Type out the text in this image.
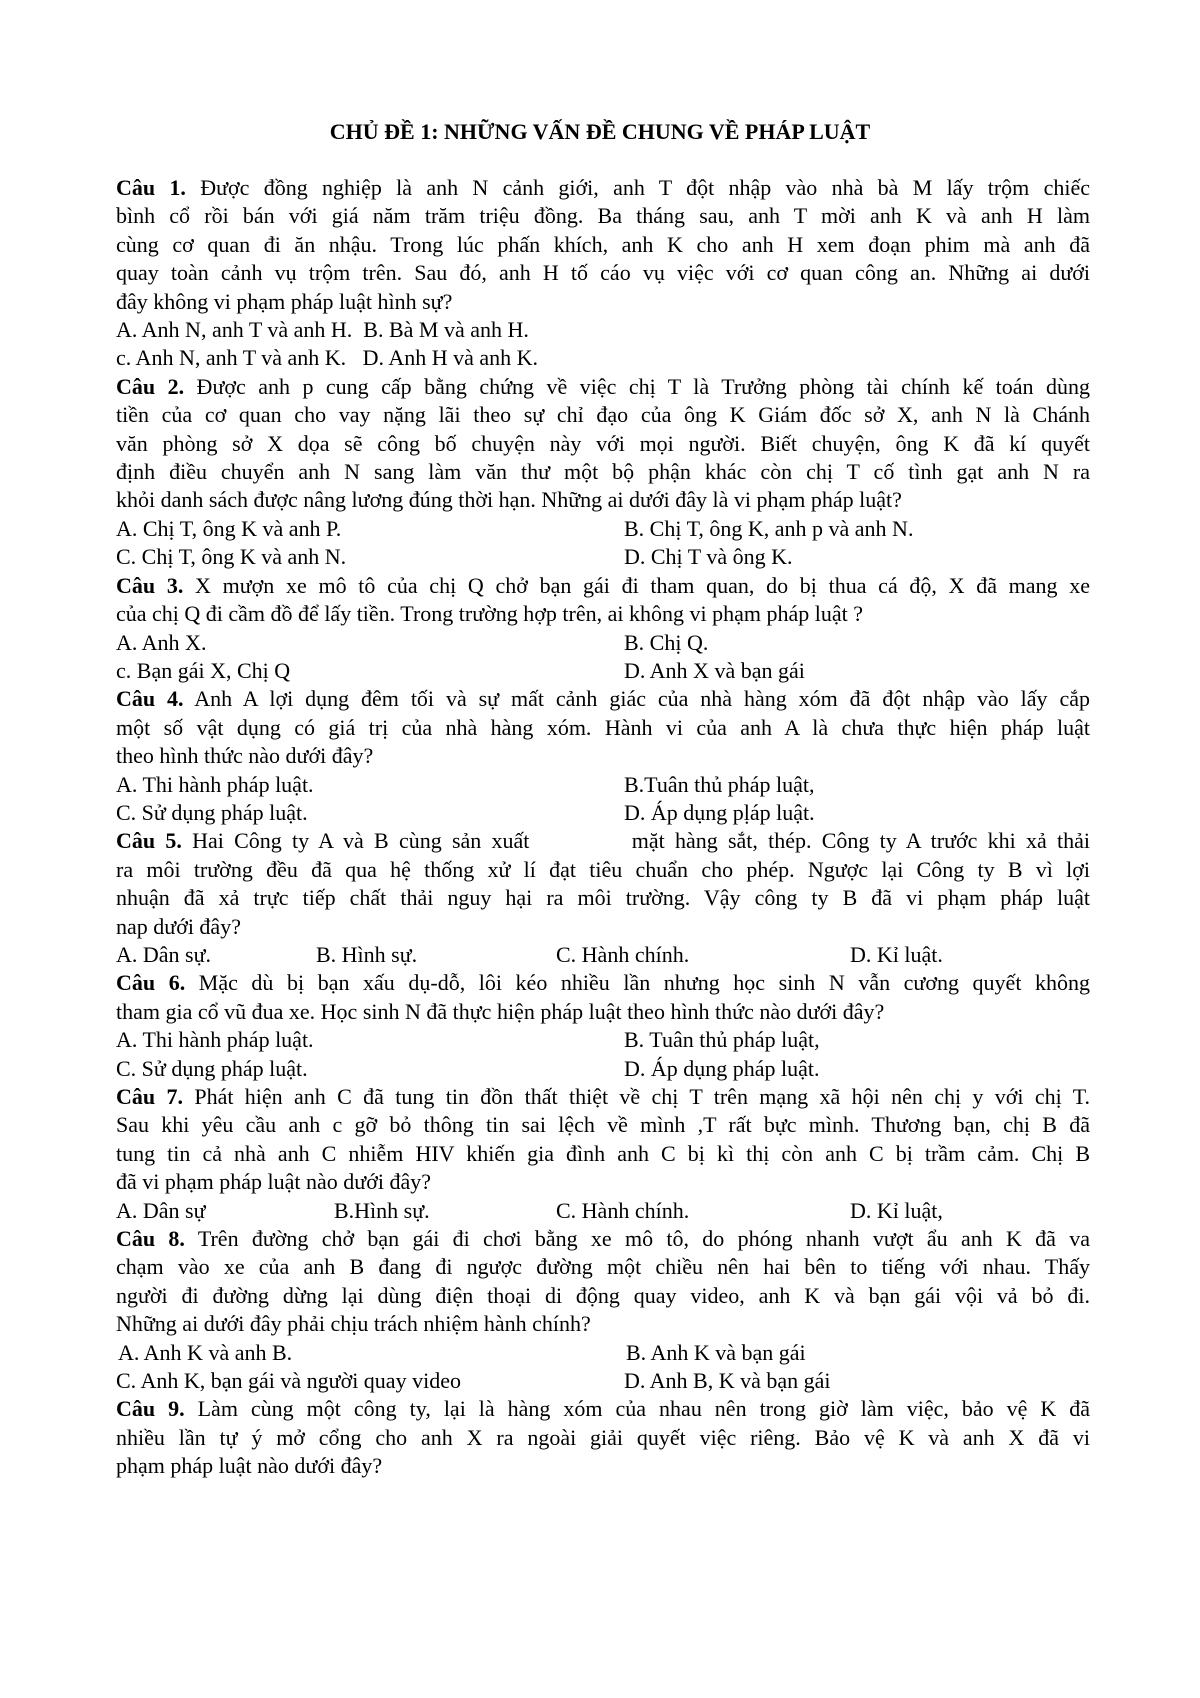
CHỦ ĐỀ 1: NHỮNG VẤN ĐỀ CHUNG VỀ PHÁP LUẬT
Câu 1. Được đồng nghiệp là anh N cảnh giới, anh T đột nhập vào nhà bà M lấy trộm chiếc
bình cổ rồi bán với giá năm trăm triệu đồng. Ba tháng sau, anh T mời anh K và anh H làm
cùng cơ quan đi ăn nhậu. Trong lúc phấn khích, anh K cho anh H xem đoạn phim mà anh đã
quay toàn cảnh vụ trộm trên. Sau đó, anh H tố cáo vụ việc với cơ quan công an. Những ai dưới
đây không vi phạm pháp luật hình sự?
A. Anh N, anh T và anh H.  B. Bà M và anh H.
c. Anh N, anh T và anh K.   D. Anh H và anh K.
Câu 2. Được anh p cung cấp bằng chứng về việc chị T là Trưởng phòng tài chính kế toán dùng
tiền của cơ quan cho vay nặng lãi theo sự chỉ đạo của ông K Giám đốc sở X, anh N là Chánh
văn phòng sở X dọa sẽ công bố chuyện này với mọi người. Biết chuyện, ông K đã kí quyết
định điều chuyển anh N sang làm văn thư một bộ phận khác còn chị T cố tình gạt anh N ra
khỏi danh sách được nâng lương đúng thời hạn. Những ai dưới đây là vi phạm pháp luật?
A. Chị T, ông K và anh P.	B. Chị T, ông K, anh p và anh N.
C. Chị T, ông K và anh N.	D. Chị T và ông K.
Câu 3. X mượn xe mô tô của chị Q chở bạn gái đi tham quan, do bị thua cá độ, X đã mang xe
của chị Q đi cầm đồ để lấy tiền. Trong trường hợp trên, ai không vi phạm pháp luật ?
A. Anh X.	B. Chị Q.
c. Bạn gái X, Chị Q	D. Anh X và bạn gái
Câu 4. Anh A lợi dụng đêm tối và sự mất cảnh giác của nhà hàng xóm đã đột nhập vào lấy cắp
một số vật dụng có giá trị của nhà hàng xóm. Hành vi của anh A là chưa thực hiện pháp luật
theo hình thức nào dưới đây?
A. Thi hành pháp luật.	B.Tuân thủ pháp luật,
C. Sử dụng pháp luật.	D. Áp dụng pḷáp luật.
Câu 5. Hai Công ty A và B cùng sản xuất          mặt hàng sắt, thép. Công ty A trước khi xả thải
ra môi trường đều đã qua hệ thống xử lí đạt tiêu chuẩn cho phép. Ngược lại Công ty B vì lợi
nhuận đã xả trực tiếp chất thải nguy hại ra môi trường. Vậy công ty B đã vi phạm pháp luật
nap dưới đây?
A. Dân sự.	B. Hình sự.	C. Hành chính.	D. Kỉ luật.
Câu 6. Mặc dù bị bạn xấu dụ-dỗ, lôi kéo nhiều lần nhưng học sinh N vẫn cương quyết không
tham gia cổ vũ đua xe. Học sinh N đã thực hiện pháp luật theo hình thức nào dưới đây?
A. Thi hành pháp luật.	B. Tuân thủ pháp luật,
C. Sử dụng pháp luật.	D. Áp dụng pháp luật.
Câu 7. Phát hiện anh C đã tung tin đồn thất thiệt về chị T trên mạng xã hội nên chị y với chị T.
Sau khi yêu cầu anh c gỡ bỏ thông tin sai lệch về mình ,T rất bực mình. Thương bạn, chị B đã
tung tin cả nhà anh C nhiễm HIV khiến gia đình anh C bị kì thị còn anh C bị trầm cảm. Chị B
đã vi phạm pháp luật nào dưới đây?
A. Dân sự	B.Hình sự.	C. Hành chính.	D. Kỉ luật,
Câu 8. Trên đường chở bạn gái đi chơi bằng xe mô tô, do phóng nhanh vượt ẩu anh K đã va
chạm vào xe của anh B đang đi ngược đường một chiều nên hai bên to tiếng với nhau. Thấy
người đi đường dừng lại dùng điện thoại di động quay video, anh K và bạn gái vội vả bỏ đi.
Những ai dưới đây phải chịu trách nhiệm hành chính?
A. Anh K và anh B.	B. Anh K và bạn gái
C. Anh K, bạn gái và người quay video	D. Anh B, K và bạn gái
Câu 9. Làm cùng một công ty, lại là hàng xóm của nhau nên trong giờ làm việc, bảo vệ K đã
nhiều lần tự ý mở cổng cho anh X ra ngoài giải quyết việc riêng. Bảo vệ K và anh X đã vi
phạm pháp luật nào dưới đây?
